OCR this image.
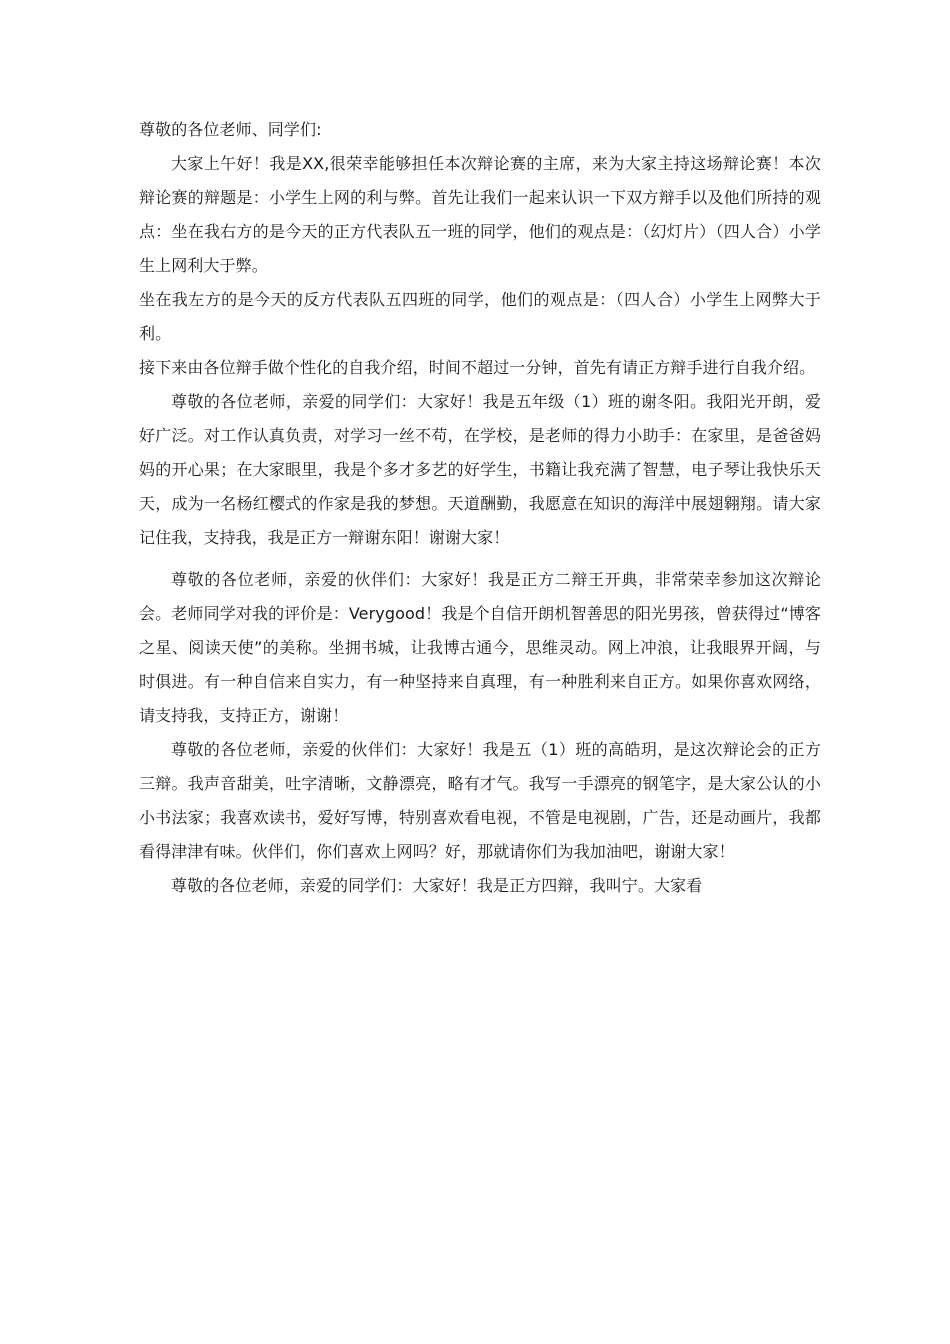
尊敬的各位老师、同学们:

大家上午好！我是XX,很荣幸能够担任本次辩论赛的主席，来为大家主持这场辩论赛！本次辩论赛的辩题是：小学生上网的利与弊。首先让我们一起来认识一下双方辩手以及他们所持的观点：坐在我右方的是今天的正方代表队五一班的同学，他们的观点是：（幻灯片）（四人合）小学生上网利大于弊。

坐在我左方的是今天的反方代表队五四班的同学，他们的观点是：（四人合）小学生上网弊大于利。

接下来由各位辩手做个性化的自我介绍，时间不超过一分钟，首先有请正方辩手进行自我介绍。

尊敬的各位老师，亲爱的同学们：大家好！我是五年级（1）班的谢冬阳。我阳光开朗，爱好广泛。对工作认真负责，对学习一丝不苟，在学校，是老师的得力小助手：在家里，是爸爸妈妈的开心果；在大家眼里，我是个多才多艺的好学生，书籍让我充满了智慧，电子琴让我快乐天天，成为一名杨红樱式的作家是我的梦想。天道酬勤，我愿意在知识的海洋中展翅翱翔。请大家记住我，支持我，我是正方一辩谢东阳！谢谢大家！

尊敬的各位老师，亲爱的伙伴们：大家好！我是正方二辩王开典，非常荣幸参加这次辩论会。老师同学对我的评价是：Verygood！我是个自信开朗机智善思的阳光男孩，曾获得过“博客之星、阅读天使”的美称。坐拥书城，让我博古通今，思维灵动。网上冲浪，让我眼界开阔，与时俱进。有一种自信来自实力，有一种坚持来自真理，有一种胜利来自正方。如果你喜欢网络，请支持我，支持正方，谢谢！

尊敬的各位老师，亲爱的伙伴们：大家好！我是五（1）班的高皓玥，是这次辩论会的正方三辩。我声音甜美，吐字清晰，文静漂亮，略有才气。我写一手漂亮的钢笔字，是大家公认的小小书法家；我喜欢读书，爱好写博，特别喜欢看电视，不管是电视剧，广告，还是动画片，我都看得津津有味。伙伴们，你们喜欢上网吗？好，那就请你们为我加油吧，谢谢大家！

尊敬的各位老师，亲爱的同学们：大家好！我是正方四辩，我叫宁。大家看
